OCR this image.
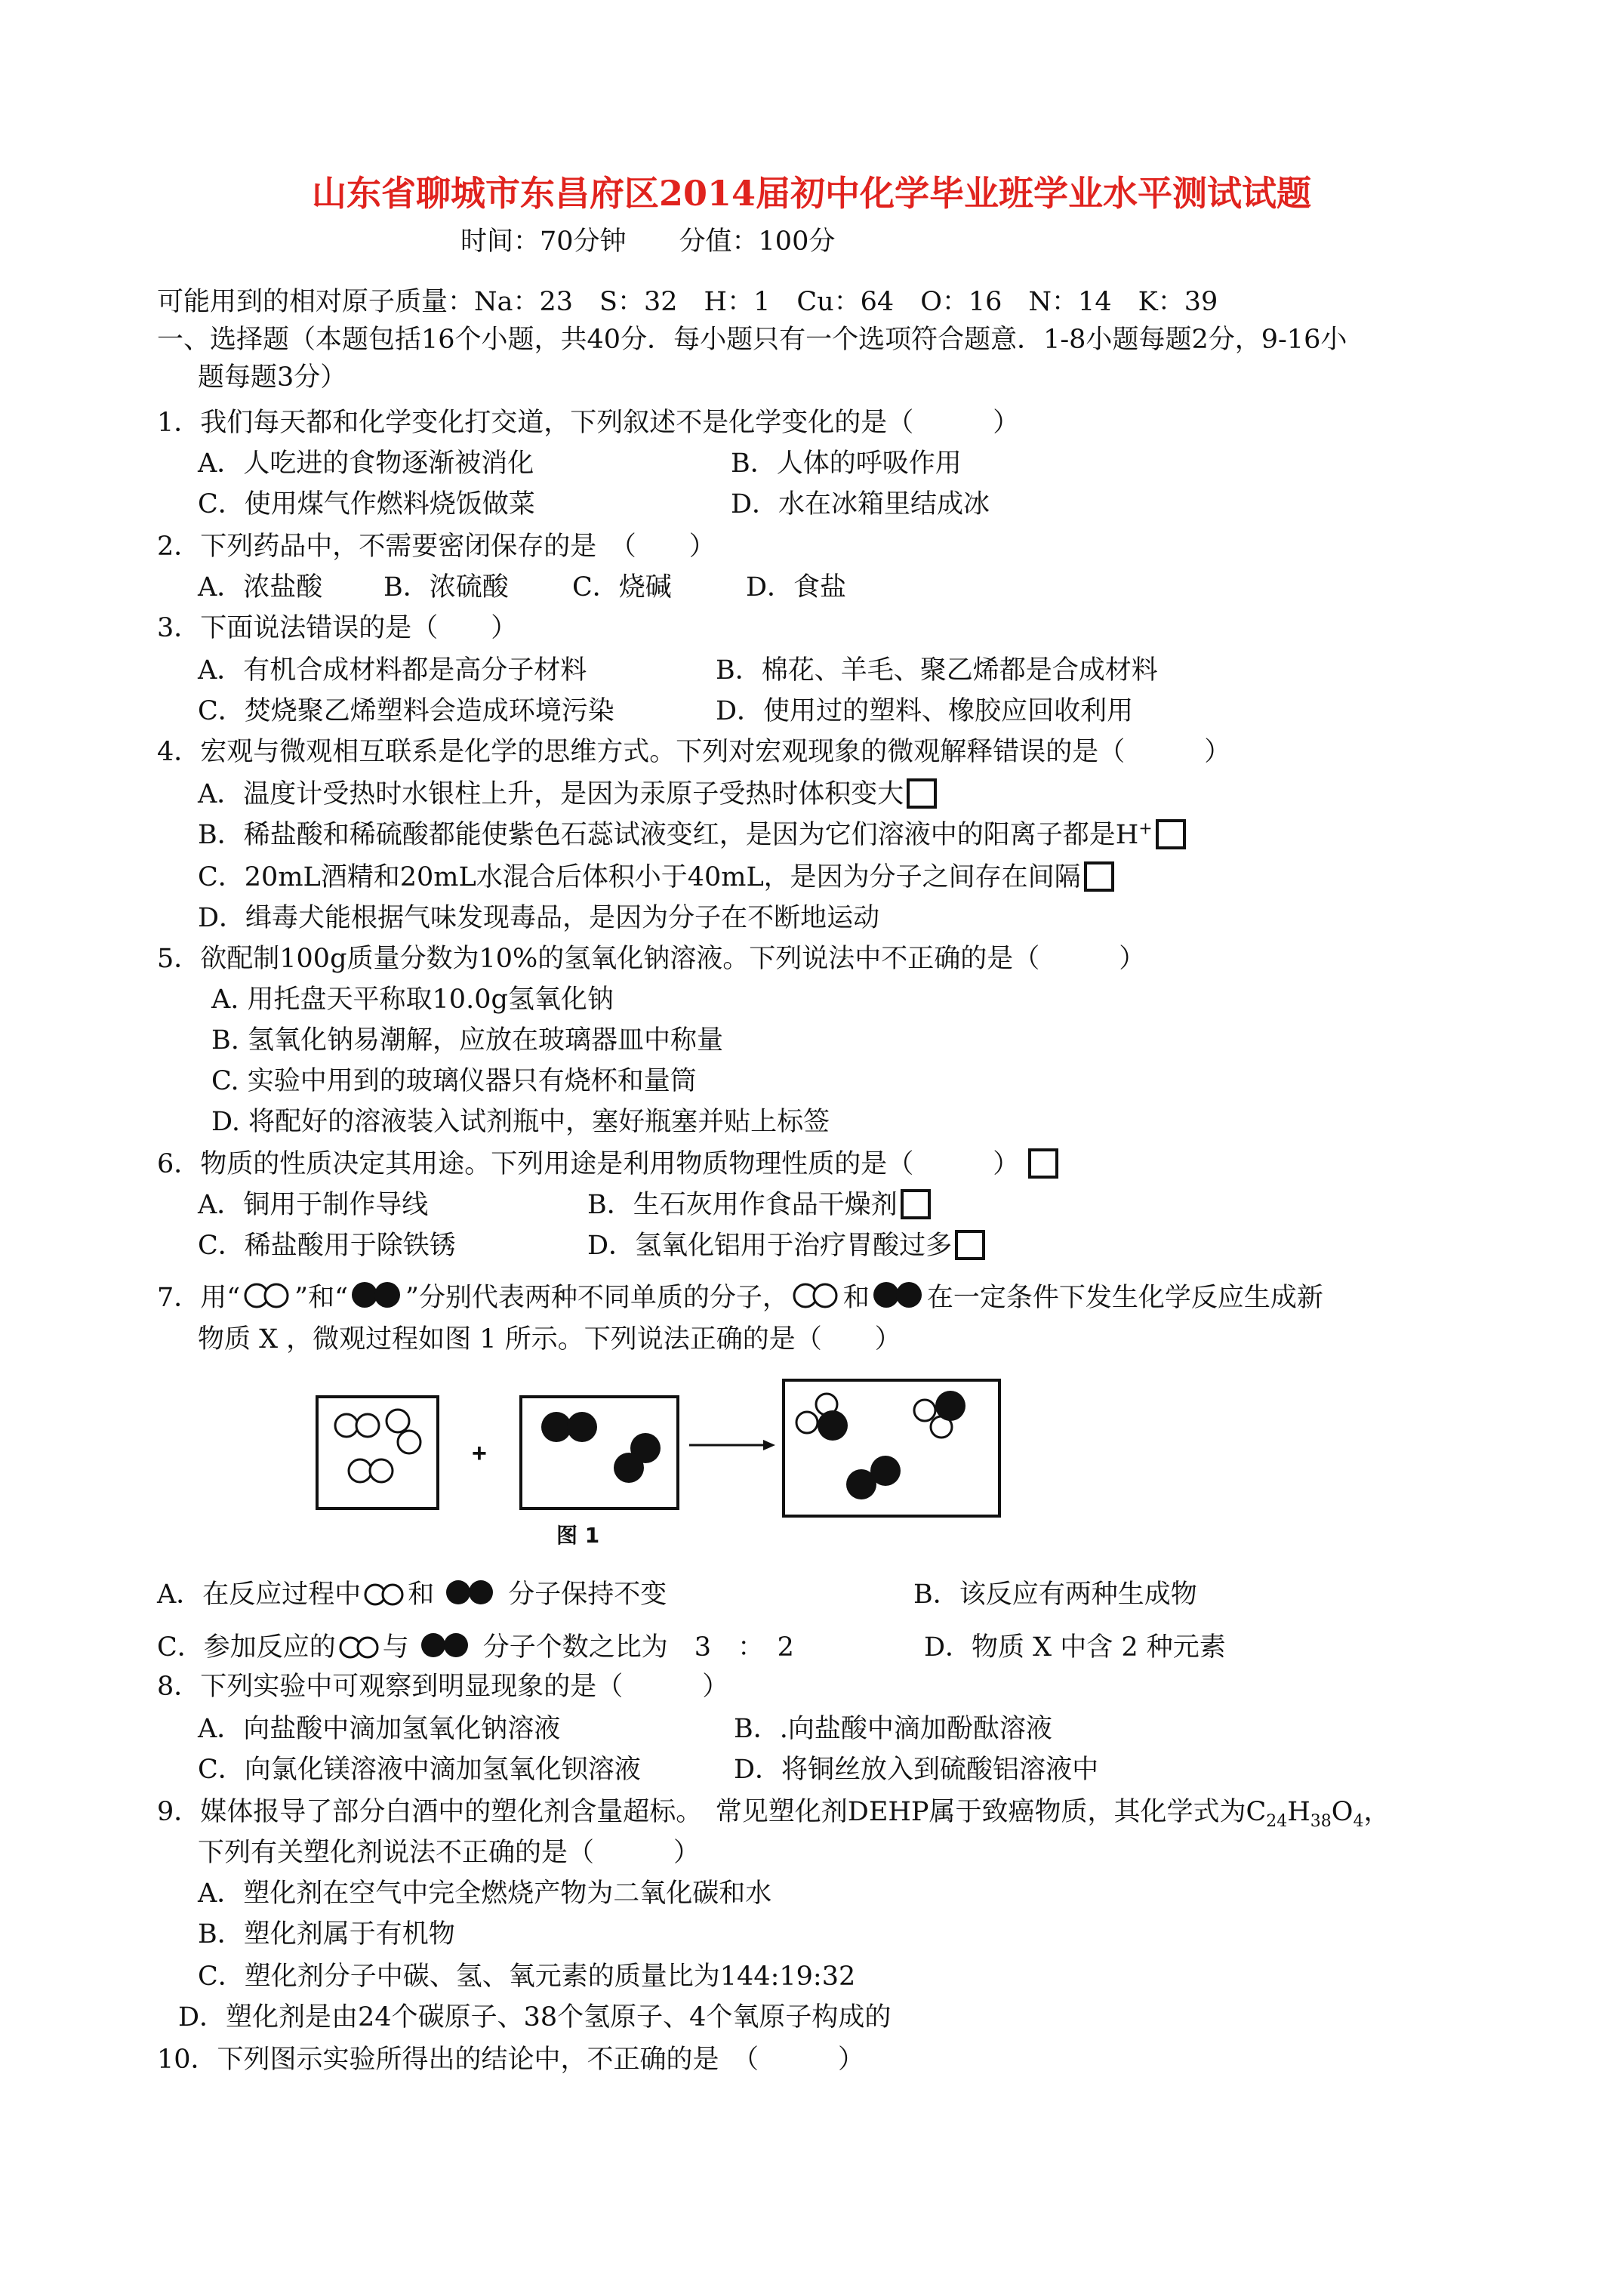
山东省聊城市东昌府区2014届初中化学毕业班学业水平测试试题
时间：70分钟　　分值：100分
可能用到的相对原子质量：Na：23　S：32　H：1　Cu：64　O：16　N：14　K：39
一、选择题（本题包括16个小题，共40分．每小题只有一个选项符合题意．1-8小题每题2分，9-16小
题每题3分）
1．我们每天都和化学变化打交道，下列叙述不是化学变化的是（　　　）
A．人吃进的食物逐渐被消化	B．人体的呼吸作用
C．使用煤气作燃料烧饭做菜	D．水在冰箱里结成冰
2．下列药品中，不需要密闭保存的是　（　　）
A．浓盐酸 B．浓硫酸 C．烧碱	D．食盐
3．下面说法错误的是（　　）
A．有机合成材料都是高分子材料	B．棉花、羊毛、聚乙烯都是合成材料
C．焚烧聚乙烯塑料会造成环境污染	D．使用过的塑料、橡胶应回收利用
4．宏观与微观相互联系是化学的思维方式。下列对宏观现象的微观解释错误的是（　　　）
A．温度计受热时水银柱上升，是因为汞原子受热时体积变大
B．稀盐酸和稀硫酸都能使紫色石蕊试液变红，是因为它们溶液中的阳离子都是H+
C．20mL酒精和20mL水混合后体积小于40mL，是因为分子之间存在间隔
D．缉毒犬能根据气味发现毒品，是因为分子在不断地运动
5．欲配制100g质量分数为10%的氢氧化钠溶液。下列说法中不正确的是（　　　）
A. 用托盘天平称取10.0g氢氧化钠
B. 氢氧化钠易潮解，应放在玻璃器皿中称量
C. 实验中用到的玻璃仪器只有烧杯和量筒
D. 将配好的溶液装入试剂瓶中，塞好瓶塞并贴上标签
6．物质的性质决定其用途。下列用途是利用物质物理性质的是（　　　）
A．铜用于制作导线	B．生石灰用作食品干燥剂
C．稀盐酸用于除铁锈	D．氢氧化铝用于治疗胃酸过多
7．用“ ”和“ ”分别代表两种不同单质的分子， 和 在一定条件下发生化学反应生成新
物质 X ，微观过程如图 1 所示。下列说法正确的是（　　）
+
图 1
A．在反应过程中 和	分子保持不变	B．该反应有两种生成物
C．参加反应的 与	分子个数之比为　3　：　2	D．物质 X 中含 2 种元素
8．下列实验中可观察到明显现象的是（　　　）
A．向盐酸中滴加氢氧化钠溶液	B．.向盐酸中滴加酚酞溶液
C．向氯化镁溶液中滴加氢氧化钡溶液	D．将铜丝放入到硫酸铝溶液中
9．媒体报导了部分白酒中的塑化剂含量超标。　常见塑化剂DEHP属于致癌物质，其化学式为$C_{24}H_{38}O_4$，
下列有关塑化剂说法不正确的是（　　　）
A．塑化剂在空气中完全燃烧产物为二氧化碳和水
B．塑化剂属于有机物
C．塑化剂分子中碳、氢、氧元素的质量比为144:19:32
D．塑化剂是由24个碳原子、38个氢原子、4个氧原子构成的
10．下列图示实验所得出的结论中，不正确的是　（　　　）
